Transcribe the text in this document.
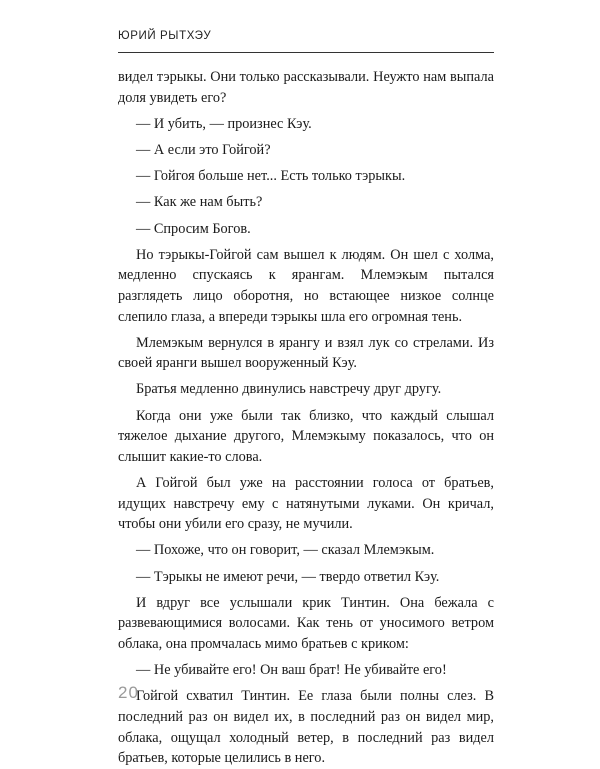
ЮРИЙ РЫТХЭУ

видел тэрыкы. Они только рассказывали. Неужто нам выпала доля увидеть его?

— И убить, — произнес Кэу.

— А если это Гойгой?

— Гойгоя больше нет... Есть только тэрыкы.

— Как же нам быть?

— Спросим Богов.

Но тэрыкы-Гойгой сам вышел к людям. Он шел с холма, медленно спускаясь к ярангам. Млемэкым пытался разглядеть лицо оборотня, но встающее низкое солнце слепило глаза, а впереди тэрыкы шла его огромная тень.

Млемэкым вернулся в ярангу и взял лук со стрелами. Из своей яранги вышел вооруженный Кэу.

Братья медленно двинулись навстречу друг другу.

Когда они уже были так близко, что каждый слышал тяжелое дыхание другого, Млемэкыму показалось, что он слышит какие-то слова.

А Гойгой был уже на расстоянии голоса от братьев, идущих навстречу ему с натянутыми луками. Он кричал, чтобы они убили его сразу, не мучили.

— Похоже, что он говорит, — сказал Млемэкым.

— Тэрыкы не имеют речи, — твердо ответил Кэу.

И вдруг все услышали крик Тинтин. Она бежала с развевающимися волосами. Как тень от уносимого ветром облака, она промчалась мимо братьев с криком:

— Не убивайте его! Он ваш брат! Не убивайте его!

Гойгой схватил Тинтин. Ее глаза были полны слез. В последний раз он видел их, в последний раз он видел мир, облака, ощущал холодный ветер, в последний раз видел братьев, которые целились в него.

20
